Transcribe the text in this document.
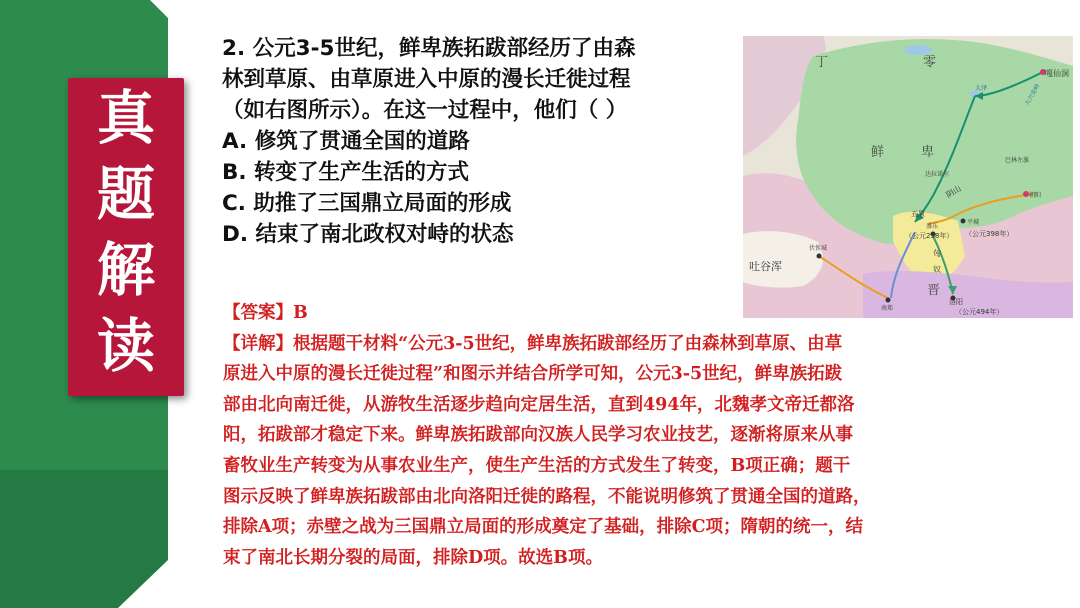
真
题
解
读
2. 公元3-5世纪，鲜卑族拓跋部经历了由森
林到草原、由草原进入中原的漫长迁徙过程
（如右图所示）。在这一过程中，他们（ ）
A. 修筑了贯通全国的道路
B. 转变了生产生活的方式
C. 助推了三国鼎立局面的形成
D. 结束了南北政权对峙的状态
丁	零
鲜	卑
嘎仙洞
大泽	大兴安岭
巴林左旗
朝阳
达拉诺尔
五原
阴山
盛乐
平城
（公元258年） （公元398年）
匈
奴
吐谷浑
伏俟城
南郑
晋
洛阳
（公元494年）
【答案】B
【详解】根据题干材料“公元3-5世纪，鲜卑族拓跋部经历了由森林到草原、由草
原进入中原的漫长迁徙过程”和图示并结合所学可知，公元3-5世纪，鲜卑族拓跋
部由北向南迁徙，从游牧生活逐步趋向定居生活，直到494年，北魏孝文帝迁都洛
阳，拓跋部才稳定下来。鲜卑族拓跋部向汉族人民学习农业技艺，逐渐将原来从事
畜牧业生产转变为从事农业生产，使生产生活的方式发生了转变，B项正确；题干
图示反映了鲜卑族拓跋部由北向洛阳迁徙的路程，不能说明修筑了贯通全国的道路，
排除A项；赤壁之战为三国鼎立局面的形成奠定了基础，排除C项；隋朝的统一，结
束了南北长期分裂的局面，排除D项。故选B项。
